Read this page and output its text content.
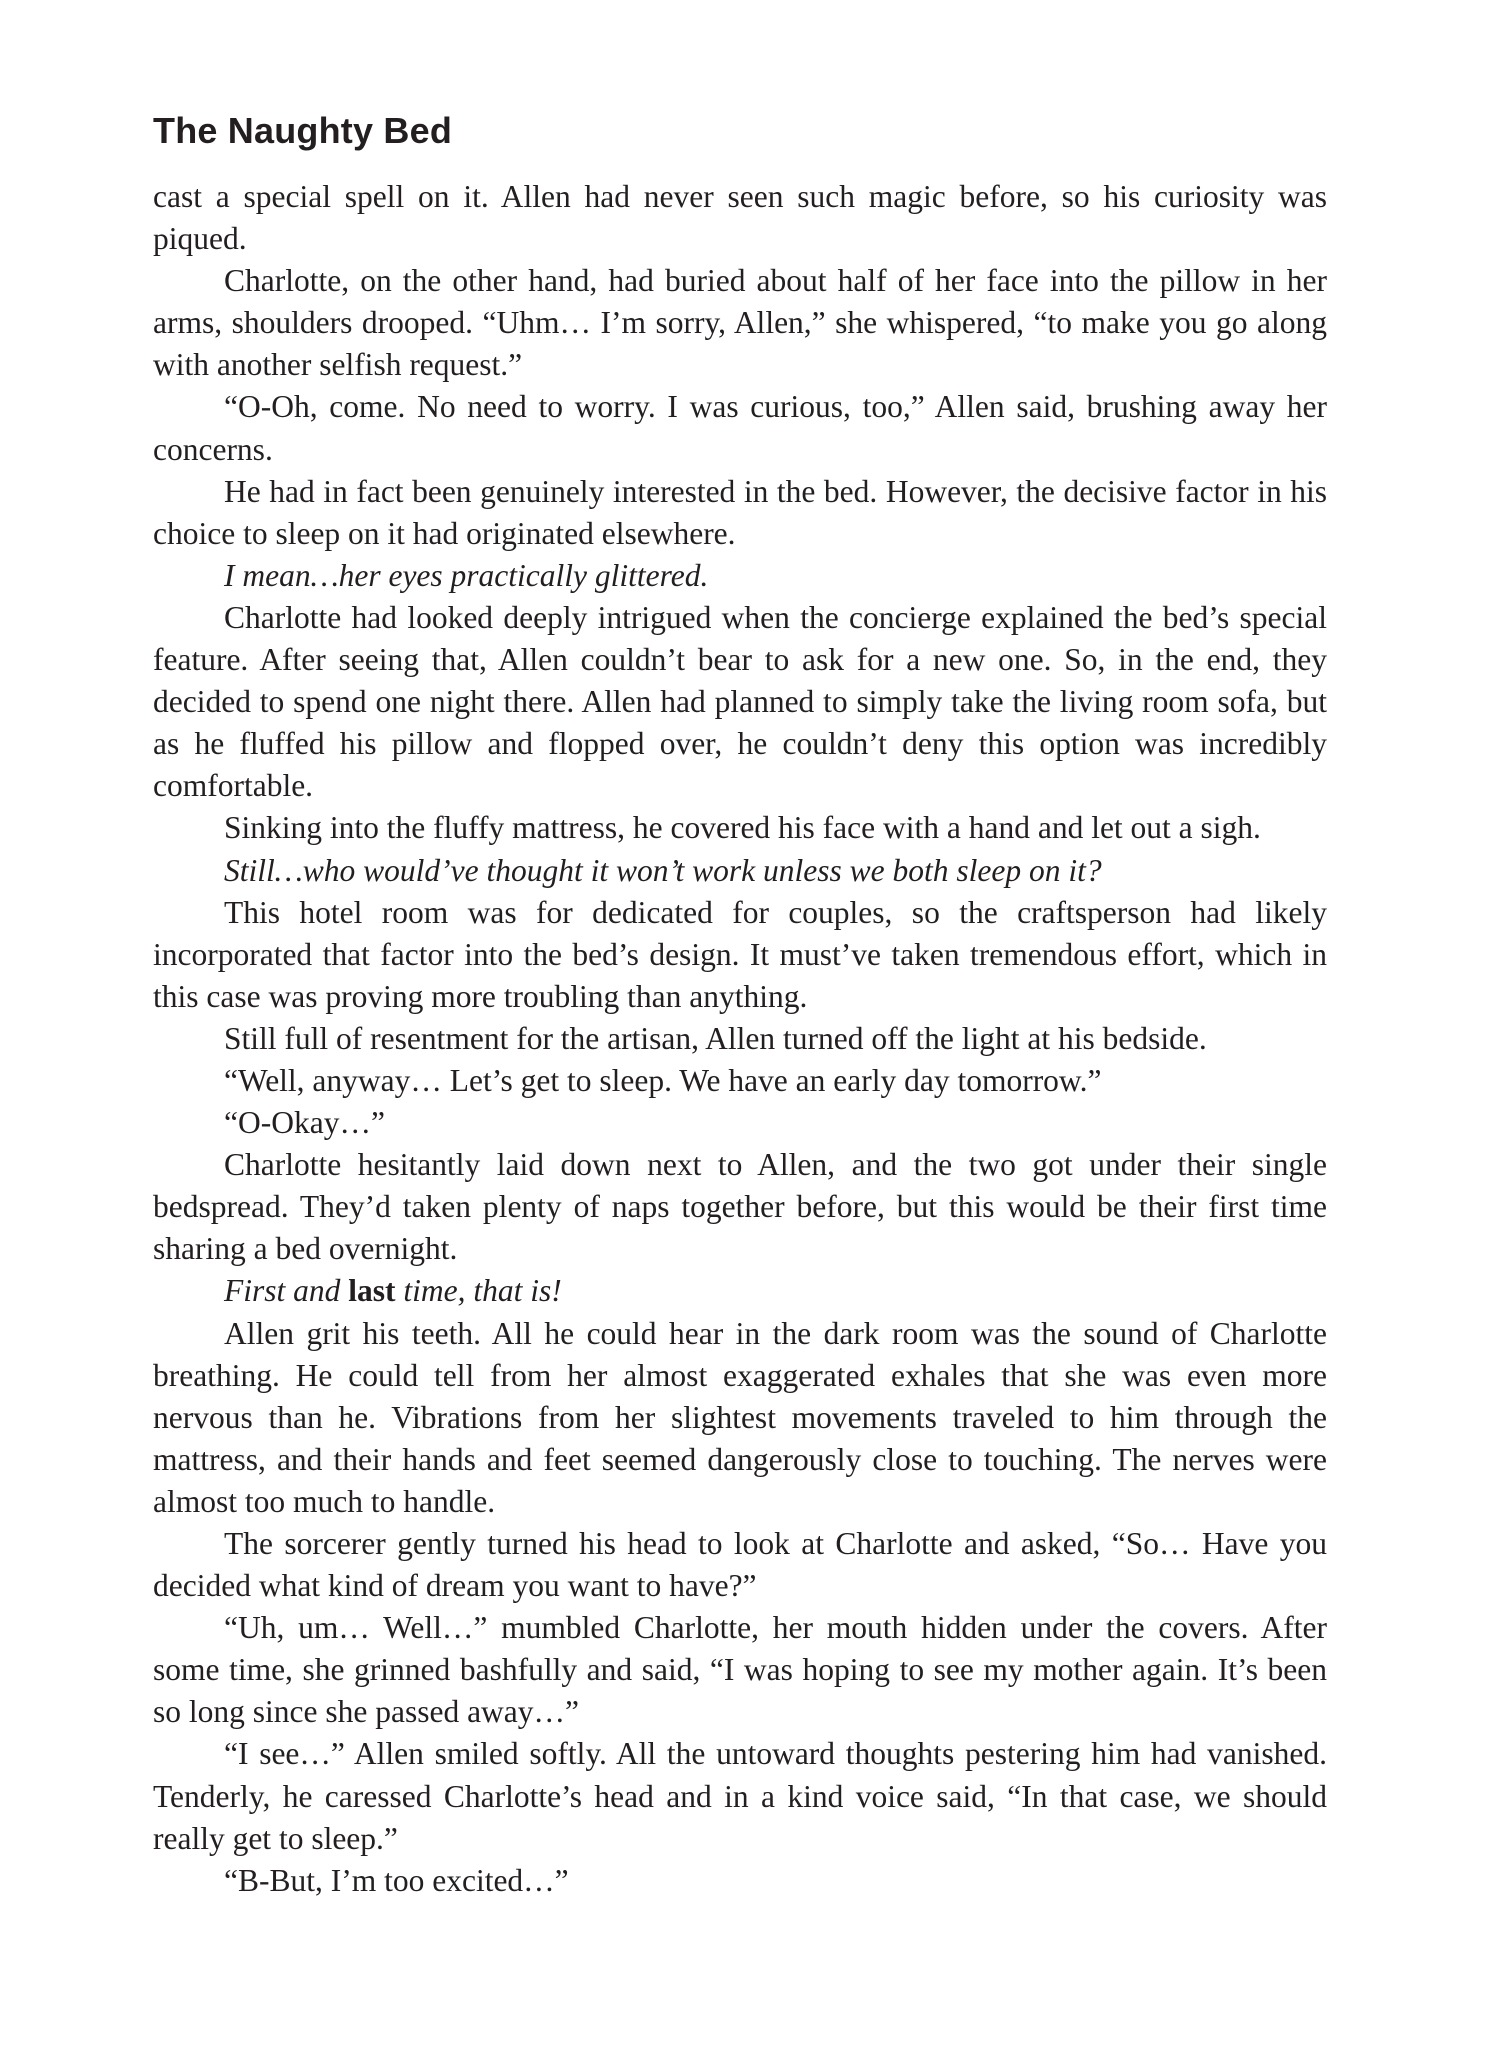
The Naughty Bed

cast a special spell on it. Allen had never seen such magic before, so his curiosity was piqued.

Charlotte, on the other hand, had buried about half of her face into the pillow in her arms, shoulders drooped. “Uhm… I’m sorry, Allen,” she whispered, “to make you go along with another selfish request.”

“O-Oh, come. No need to worry. I was curious, too,” Allen said, brushing away her concerns.

He had in fact been genuinely interested in the bed. However, the decisive factor in his choice to sleep on it had originated elsewhere.

I mean…her eyes practically glittered.

Charlotte had looked deeply intrigued when the concierge explained the bed’s special feature. After seeing that, Allen couldn’t bear to ask for a new one. So, in the end, they decided to spend one night there. Allen had planned to simply take the living room sofa, but as he fluffed his pillow and flopped over, he couldn’t deny this option was incredibly comfortable.

Sinking into the fluffy mattress, he covered his face with a hand and let out a sigh.

Still…who would’ve thought it won’t work unless we both sleep on it?

This hotel room was for dedicated for couples, so the craftsperson had likely incorporated that factor into the bed’s design. It must’ve taken tremendous effort, which in this case was proving more troubling than anything.

Still full of resentment for the artisan, Allen turned off the light at his bedside.

“Well, anyway… Let’s get to sleep. We have an early day tomorrow.”

“O-Okay…”

Charlotte hesitantly laid down next to Allen, and the two got under their single bedspread. They’d taken plenty of naps together before, but this would be their first time sharing a bed overnight.

First and last time, that is!

Allen grit his teeth. All he could hear in the dark room was the sound of Charlotte breathing. He could tell from her almost exaggerated exhales that she was even more nervous than he. Vibrations from her slightest movements traveled to him through the mattress, and their hands and feet seemed dangerously close to touching. The nerves were almost too much to handle.

The sorcerer gently turned his head to look at Charlotte and asked, “So… Have you decided what kind of dream you want to have?”

“Uh, um… Well…” mumbled Charlotte, her mouth hidden under the covers. After some time, she grinned bashfully and said, “I was hoping to see my mother again. It’s been so long since she passed away…”

“I see…” Allen smiled softly. All the untoward thoughts pestering him had vanished. Tenderly, he caressed Charlotte’s head and in a kind voice said, “In that case, we should really get to sleep.”

“B-But, I’m too excited…”
